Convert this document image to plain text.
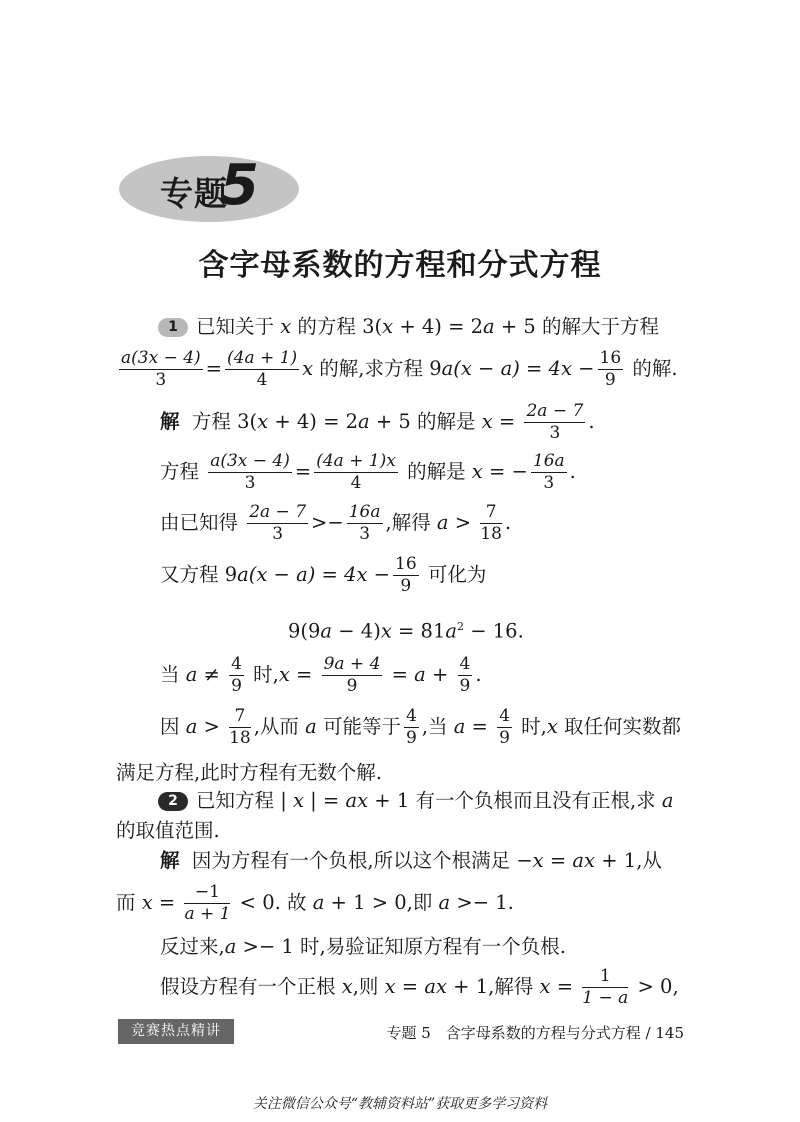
专题
5
含字母系数的方程和分式方程
1 已知关于 x 的方程 3(x + 4) = 2a + 5 的解大于方程
$\frac{a(3x - 4)}{3} = \frac{(4a + 1)}{4}$ x 的解,求方程 $9a(x - a) = 4x - \frac{16}{9}$ 的解.
解 方程 3(x + 4) = 2a + 5 的解是 $x = \frac{2a - 7}{3}$ .
方程 $\frac{a(3x - 4)}{3} = \frac{(4a + 1)x}{4}$ 的解是 x = − $\frac{16a}{3}$ .
由已知得 $\frac{2a - 7}{3} >- \frac{16a}{3}$ ,解得 $a > \frac{7}{18}$ .
又方程 $9a(x - a) = 4x - \frac{16}{9}$ 可化为
$9(9a - 4)x = 81a^2 - 16$.
当 $a \ne \frac{4}{9}$ 时$,x = \frac{9a + 4}{9} = a + \frac{4}{9}$ .
因 $a > \frac{7}{18}$ ,从而 a 可能等于 $\frac{4}{9}$ ,当 $a = \frac{4}{9}$ 时,x 取任何实数都
满足方程,此时方程有无数个解.
2 已知方程 | x | = ax + 1 有一个负根而且没有正根,求 a
的取值范围.
解 因为方程有一个负根,所以这个根满足 −x = ax + 1,从
而 $x = \frac{-1}{a + 1} < 0$. 故 a + 1 > 0,即 a >− 1.
反过来,a >− 1 时,易验证知原方程有一个负根.
假设方程有一个正根 x,则 x = ax + 1,解得 $x = \frac{1}{1 - a} > 0$,
竞赛热点精讲	专题 5　含字母系数的方程与分式方程 / 145
关注微信公众号“教辅资料站”获取更多学习资料
